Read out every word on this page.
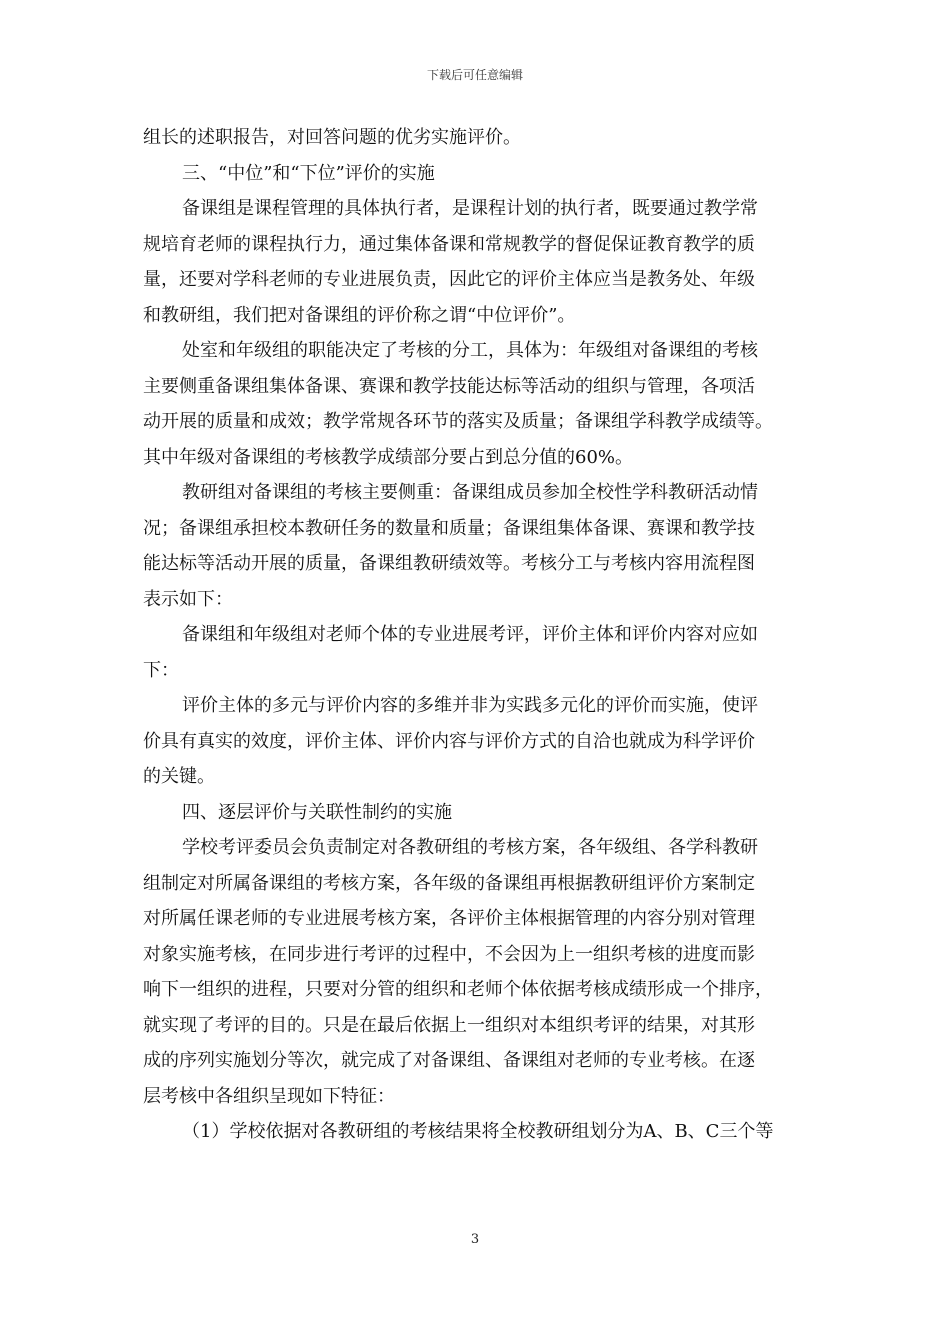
下载后可任意编辑

组长的述职报告，对回答问题的优劣实施评价。

三、“中位”和“下位”评价的实施

备课组是课程管理的具体执行者，是课程计划的执行者，既要通过教学常

规培育老师的课程执行力，通过集体备课和常规教学的督促保证教育教学的质

量，还要对学科老师的专业进展负责，因此它的评价主体应当是教务处、年级

和教研组，我们把对备课组的评价称之谓“中位评价”。

处室和年级组的职能决定了考核的分工，具体为：年级组对备课组的考核

主要侧重备课组集体备课、赛课和教学技能达标等活动的组织与管理，各项活

动开展的质量和成效；教学常规各环节的落实及质量；备课组学科教学成绩等。

其中年级对备课组的考核教学成绩部分要占到总分值的60%。

教研组对备课组的考核主要侧重：备课组成员参加全校性学科教研活动情

况；备课组承担校本教研任务的数量和质量；备课组集体备课、赛课和教学技

能达标等活动开展的质量，备课组教研绩效等。考核分工与考核内容用流程图

表示如下：

备课组和年级组对老师个体的专业进展考评，评价主体和评价内容对应如

下：

评价主体的多元与评价内容的多维并非为实践多元化的评价而实施，使评

价具有真实的效度，评价主体、评价内容与评价方式的自洽也就成为科学评价

的关键。

四、逐层评价与关联性制约的实施

学校考评委员会负责制定对各教研组的考核方案，各年级组、各学科教研

组制定对所属备课组的考核方案，各年级的备课组再根据教研组评价方案制定

对所属任课老师的专业进展考核方案，各评价主体根据管理的内容分别对管理

对象实施考核，在同步进行考评的过程中，不会因为上一组织考核的进度而影

响下一组织的进程，只要对分管的组织和老师个体依据考核成绩形成一个排序，

就实现了考评的目的。只是在最后依据上一组织对本组织考评的结果，对其形

成的序列实施划分等次，就完成了对备课组、备课组对老师的专业考核。在逐

层考核中各组织呈现如下特征：

（1）学校依据对各教研组的考核结果将全校教研组划分为A、B、C三个等

3
